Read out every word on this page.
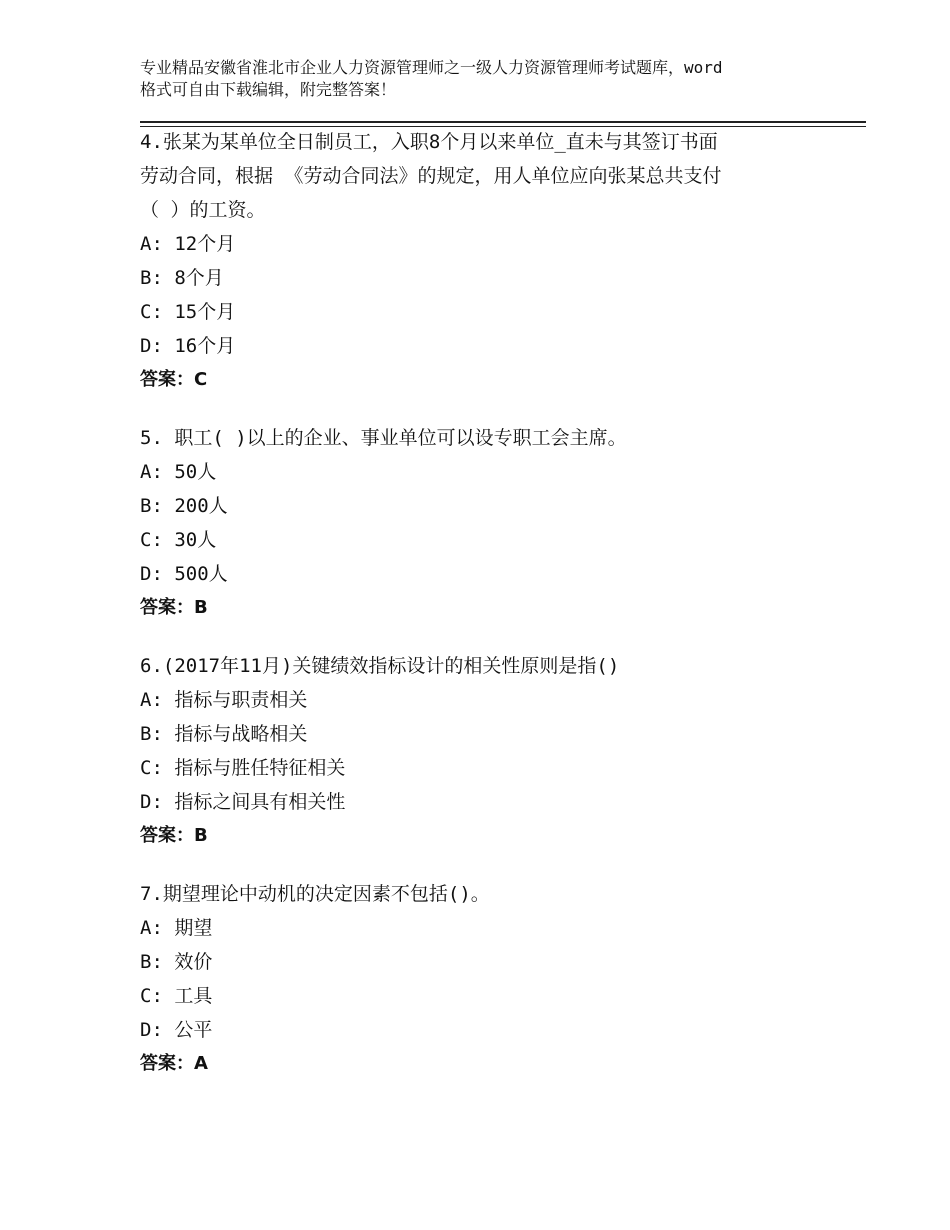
专业精品安徽省淮北市企业人力资源管理师之一级人力资源管理师考试题库，word
格式可自由下载编辑，附完整答案！
4.张某为某单位全日制员工，入职8个月以来单位_直未与其签订书面
劳动合同，根据 《劳动合同法》的规定，用人单位应向张某总共支付
（ ）的工资。
A: 12个月
B: 8个月
C: 15个月
D: 16个月
答案：C
5. 职工( )以上的企业、事业单位可以设专职工会主席。
A: 50人
B: 200人
C: 30人
D: 500人
答案：B
6.(2017年11月)关键绩效指标设计的相关性原则是指()
A: 指标与职责相关
B: 指标与战略相关
C: 指标与胜任特征相关
D: 指标之间具有相关性
答案：B
7.期望理论中动机的决定因素不包括()。
A: 期望
B: 效价
C: 工具
D: 公平
答案：A
